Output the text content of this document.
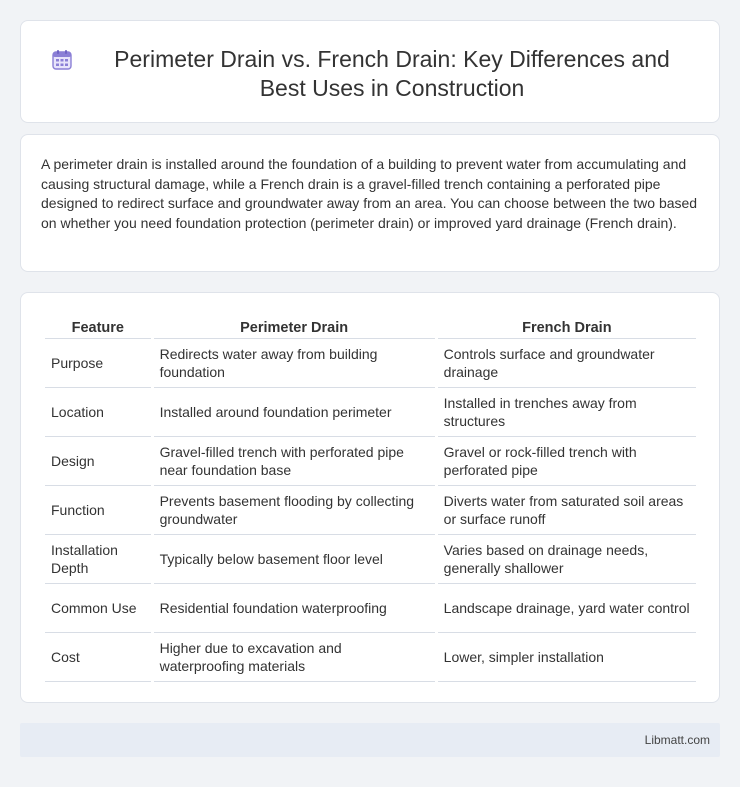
Perimeter Drain vs. French Drain: Key Differences and Best Uses in Construction

A perimeter drain is installed around the foundation of a building to prevent water from accumulating and causing structural damage, while a French drain is a gravel-filled trench containing a perforated pipe designed to redirect surface and groundwater away from an area. You can choose between the two based on whether you need foundation protection (perimeter drain) or improved yard drainage (French drain).

Feature	Perimeter Drain	French Drain
Purpose	Redirects water away from building foundation	Controls surface and groundwater drainage
Location	Installed around foundation perimeter	Installed in trenches away from structures
Design	Gravel-filled trench with perforated pipe near foundation base	Gravel or rock-filled trench with perforated pipe
Function	Prevents basement flooding by collecting groundwater	Diverts water from saturated soil areas or surface runoff
Installation Depth	Typically below basement floor level	Varies based on drainage needs, generally shallower
Common Use	Residential foundation waterproofing	Landscape drainage, yard water control
Cost	Higher due to excavation and waterproofing materials	Lower, simpler installation
Libmatt.com
